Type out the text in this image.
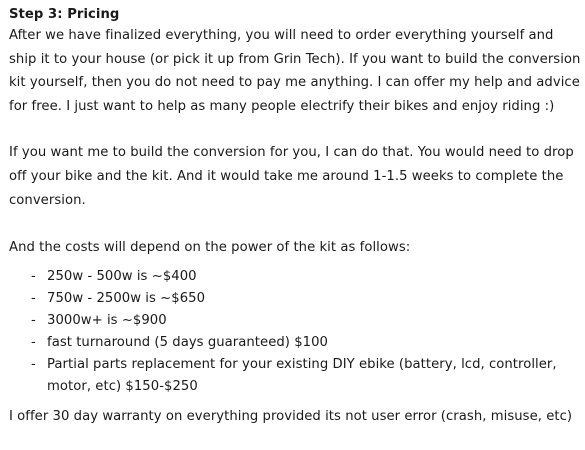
Step 3: Pricing

After we have finalized everything, you will need to order everything yourself and ship it to your house (or pick it up from Grin Tech). If you want to build the conversion kit yourself, then you do not need to pay me anything. I can offer my help and advice for free. I just want to help as many people electrify their bikes and enjoy riding :)

If you want me to build the conversion for you, I can do that. You would need to drop off your bike and the kit. And it would take me around 1-1.5 weeks to complete the conversion.

And the costs will depend on the power of the kit as follows:

- 250w - 500w is ~$400
- 750w - 2500w is ~$650
- 3000w+ is ~$900
- fast turnaround (5 days guaranteed) $100
- Partial parts replacement for your existing DIY ebike (battery, lcd, controller, motor, etc) $150-$250

I offer 30 day warranty on everything provided its not user error (crash, misuse, etc)
